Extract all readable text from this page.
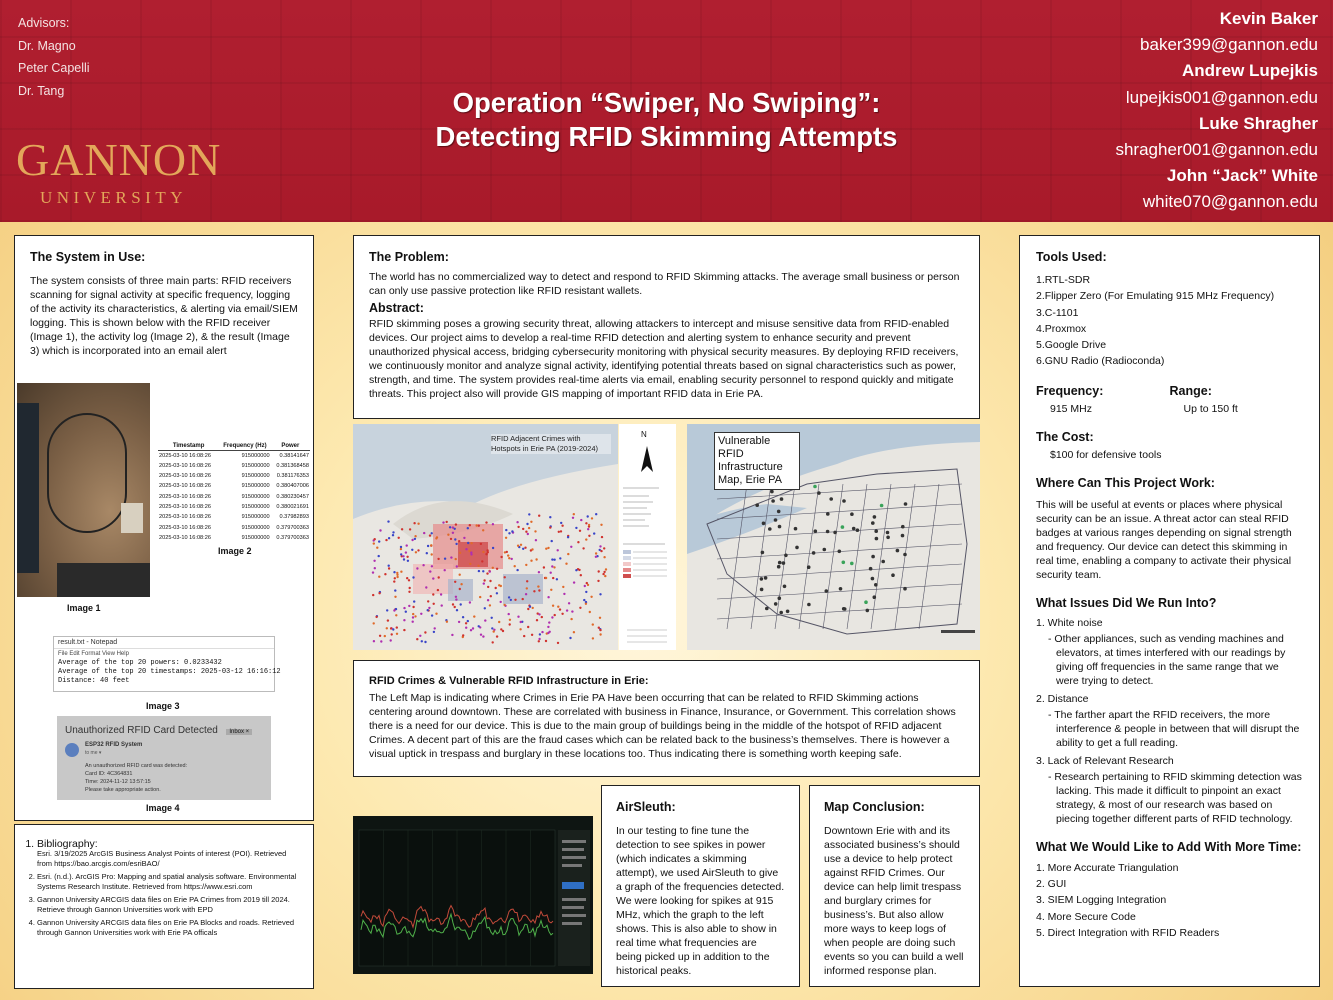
Advisors:
Dr. Magno
Peter Capelli
Dr. Tang
GANNON
UNIVERSITY
Operation “Swiper, No Swiping”:
Detecting RFID Skimming Attempts
Kevin Baker
baker399@gannon.edu
Andrew Lupejkis
lupejkis001@gannon.edu
Luke Shragher
shragher001@gannon.edu
John “Jack” White
white070@gannon.edu
The System in Use:

The system consists of three main parts: RFID receivers scanning for signal activity at specific frequency, logging of the activity its characteristics, & alerting via email/SIEM logging. This is shown below with the RFID receiver (Image 1), the activity log (Image 2), & the result (Image 3) which is incorporated into an email alert

Image 1
Timestamp	Frequency (Hz)	Power
2025-03-10 16:08:26	915000000	0.38141647
2025-03-10 16:08:26	915000000	0.381368458
2025-03-10 16:08:26	915000000	0.381176353
2025-03-10 16:08:26	915000000	0.380407006
2025-03-10 16:08:26	915000000	0.380230457
2025-03-10 16:08:26	915000000	0.380021691
2025-03-10 16:08:26	915000000	0.37982893
2025-03-10 16:08:26	915000000	0.379700363
2025-03-10 16:08:26	915000000	0.379700363
Image 2
result.txt - Notepad
File Edit Format View Help
Average of the top 20 powers: 0.0233432
Average of the top 20 timestamps: 2025-03-12 16:16:12
Distance: 40 feet
Image 3
Unauthorized RFID Card Detected Inbox ×
ESP32 RFID System
to me ▾
An unauthorized RFID card was detected:
Card ID: 4C364831
Time: 2024-11-12 13:57:15
Please take appropriate action.
Image 4
1. Bibliography:
Esri. 3/19/2025 ArcGIS Business Analyst Points of interest (POI). Retrieved from https://bao.arcgis.com/esriBAO/
2. Esri. (n.d.). ArcGIS Pro: Mapping and spatial analysis software. Environmental Systems Research Institute. Retrieved from https://www.esri.com
3. Gannon University ARCGIS data files on Erie PA Crimes from 2019 till 2024. Retrieve through Gannon Universities work with EPD
4. Gannon University ARCGIS data files on Erie PA Blocks and roads. Retrieved through Gannon Universities work with Erie PA officals
The Problem:

The world has no commercialized way to detect and respond to RFID Skimming attacks. The average small business or person can only use passive protection like RFID resistant wallets.

Abstract:

RFID skimming poses a growing security threat, allowing attackers to intercept and misuse sensitive data from RFID-enabled devices. Our project aims to develop a real-time RFID detection and alerting system to enhance security and prevent unauthorized physical access, bridging cybersecurity monitoring with physical security measures. By deploying RFID receivers, we continuously monitor and analyze signal activity, identifying potential threats based on signal characteristics such as power, strength, and time. The system provides real-time alerts via email, enabling security personnel to respond quickly and mitigate threats. This project also will provide GIS mapping of important RFID data in Erie PA.

RFID Adjacent Crimes with Hotspots in Erie PA (2019-2024)
N
Vulnerable RFID Infrastructure Map, Erie PA
RFID Crimes & Vulnerable RFID Infrastructure in Erie:

The Left Map is indicating where Crimes in Erie PA Have been occurring that can be related to RFID Skimming actions centering around downtown. These are correlated with business in Finance, Insurance, or Government. This correlation shows there is a need for our device. This is due to the main group of buildings being in the middle of the hotspot of RFID adjacent Crimes. A decent part of this are the fraud cases which can be related back to the business’s themselves. There is however a visual uptick in trespass and burglary in these locations too. Thus indicating there is something worth keeping safe.

AirSleuth:

In our testing to fine tune the detection to see spikes in power (which indicates a skimming attempt), we used AirSleuth to give a graph of the frequencies detected. We were looking for spikes at 915 MHz, which the graph to the left shows. This is also able to show in real time what frequencies are being picked up in addition to the historical peaks.

Map Conclusion:

Downtown Erie with and its associated business’s should use a device to help protect against RFID Crimes. Our device can help limit trespass and burglary crimes for business’s. But also allow more ways to keep logs of when people are doing such events so you can build a well informed response plan.

Tools Used:
1.RTL-SDR
2.Flipper Zero (For Emulating 915 MHz Frequency)
3.C-1101
4.Proxmox
5.Google Drive
6.GNU Radio (Radioconda)
Frequency:

915 MHz

Range:

Up to 150 ft

The Cost:

$100 for defensive tools

Where Can This Project Work:

This will be useful at events or places where physical security can be an issue. A threat actor can steal RFID badges at various ranges depending on signal strength and frequency. Our device can detect this skimming in real time, enabling a company to activate their physical security team.

What Issues Did We Run Into?

1. White noise

- Other appliances, such as vending machines and elevators, at times interfered with our readings by giving off frequencies in the same range that we were trying to detect.

2. Distance

- The farther apart the RFID receivers, the more interference & people in between that will disrupt the ability to get a full reading.

3. Lack of Relevant Research

- Research pertaining to RFID skimming detection was lacking. This made it difficult to pinpoint an exact strategy, & most of our research was based on piecing together different parts of RFID technology.

What We Would Like to Add With More Time:
1. More Accurate Triangulation
2. GUI
3. SIEM Logging Integration
4. More Secure Code
5. Direct Integration with RFID Readers
